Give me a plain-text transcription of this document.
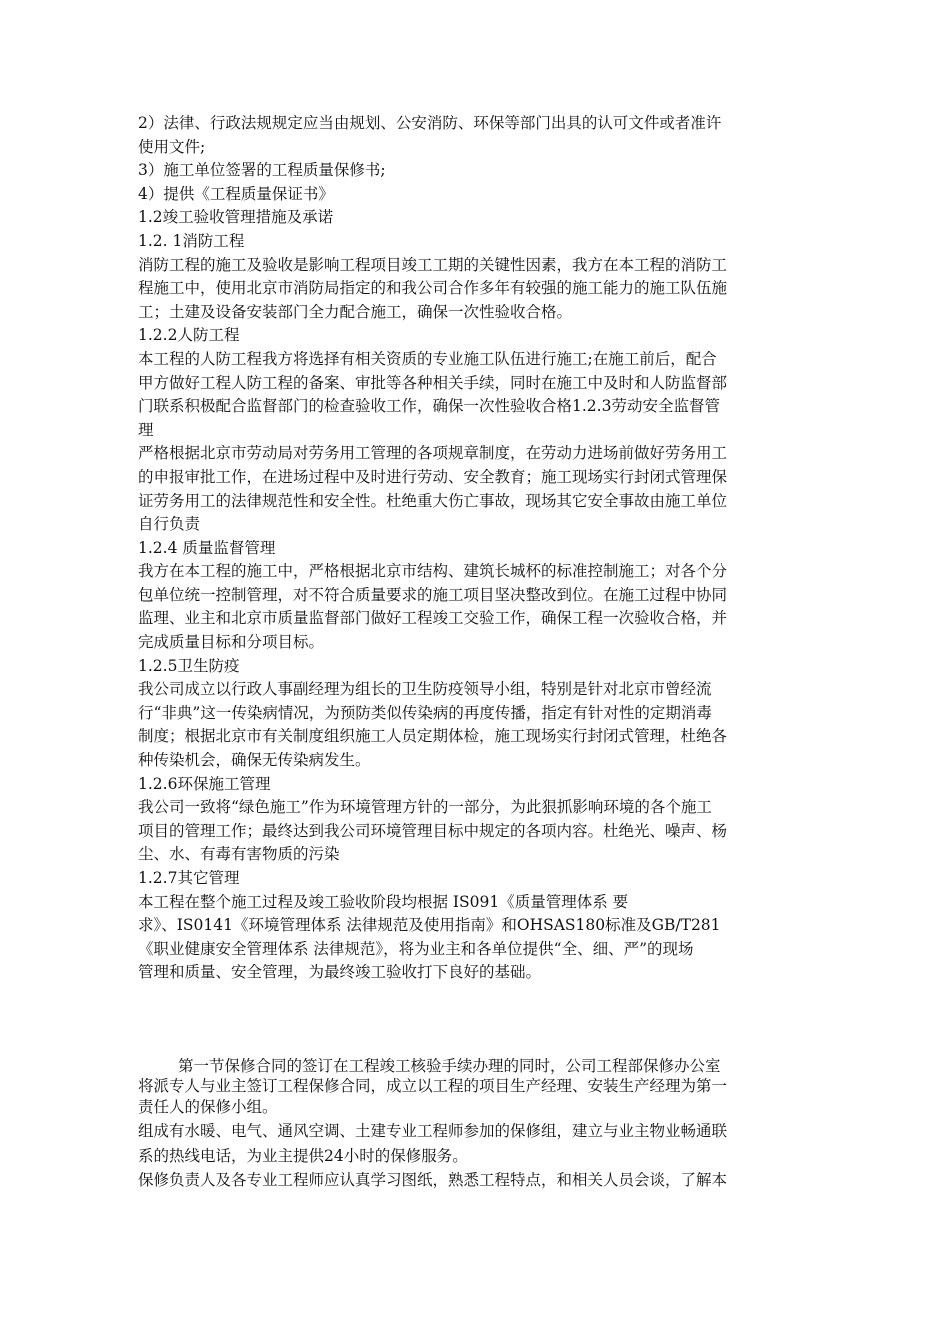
2）法律、行政法规规定应当由规划、公安消防、环保等部门出具的认可文件或者准许
使用文件;
3）施工单位签署的工程质量保修书;
4）提供《工程质量保证书》
1.2竣工验收管理措施及承诺
1.2. 1消防工程
消防工程的施工及验收是影响工程项目竣工工期的关键性因素，我方在本工程的消防工
程施工中，使用北京市消防局指定的和我公司合作多年有较强的施工能力的施工队伍施
工；土建及设备安装部门全力配合施工，确保一次性验收合格。
1.2.2人防工程
本工程的人防工程我方将选择有相关资质的专业施工队伍进行施工;在施工前后，配合
甲方做好工程人防工程的备案、审批等各种相关手续，同时在施工中及时和人防监督部
门联系积极配合监督部门的检查验收工作，确保一次性验收合格1.2.3劳动安全监督管
理
严格根据北京市劳动局对劳务用工管理的各项规章制度，在劳动力进场前做好劳务用工
的申报审批工作，在进场过程中及时进行劳动、安全教育；施工现场实行封闭式管理保
证劳务用工的法律规范性和安全性。杜绝重大伤亡事故，现场其它安全事故由施工单位
自行负责
1.2.4 质量监督管理
我方在本工程的施工中，严格根据北京市结构、建筑长城杯的标准控制施工；对各个分
包单位统一控制管理，对不符合质量要求的施工项目坚决整改到位。在施工过程中协同
监理、业主和北京市质量监督部门做好工程竣工交验工作，确保工程一次验收合格，并
完成质量目标和分项目标。
1.2.5卫生防疫
我公司成立以行政人事副经理为组长的卫生防疫领导小组，特别是针对北京市曾经流
行“非典”这一传染病情况，为预防类似传染病的再度传播，指定有针对性的定期消毒
制度；根据北京市有关制度组织施工人员定期体检，施工现场实行封闭式管理，杜绝各
种传染机会，确保无传染病发生。
1.2.6环保施工管理
我公司一致将“绿色施工”作为环境管理方针的一部分，为此狠抓影响环境的各个施工
项目的管理工作；最终达到我公司环境管理目标中规定的各项内容。杜绝光、噪声、杨
尘、水、有毒有害物质的污染
1.2.7其它管理
本工程在整个施工过程及竣工验收阶段均根据 IS091《质量管理体系 要
求》、IS0141《环境管理体系 法律规范及使用指南》和OHSAS180标准及GB/T281
《职业健康安全管理体系 法律规范》，将为业主和各单位提供“全、细、严”的现场
管理和质量、安全管理，为最终竣工验收打下良好的基础。
第一节保修合同的签订在工程竣工核验手续办理的同时，公司工程部保修办公室
将派专人与业主签订工程保修合同，成立以工程的项目生产经理、安装生产经理为第一
责任人的保修小组。
组成有水暖、电气、通风空调、土建专业工程师参加的保修组，建立与业主物业畅通联
系的热线电话，为业主提供24小时的保修服务。
保修负责人及各专业工程师应认真学习图纸，熟悉工程特点，和相关人员会谈，了解本
